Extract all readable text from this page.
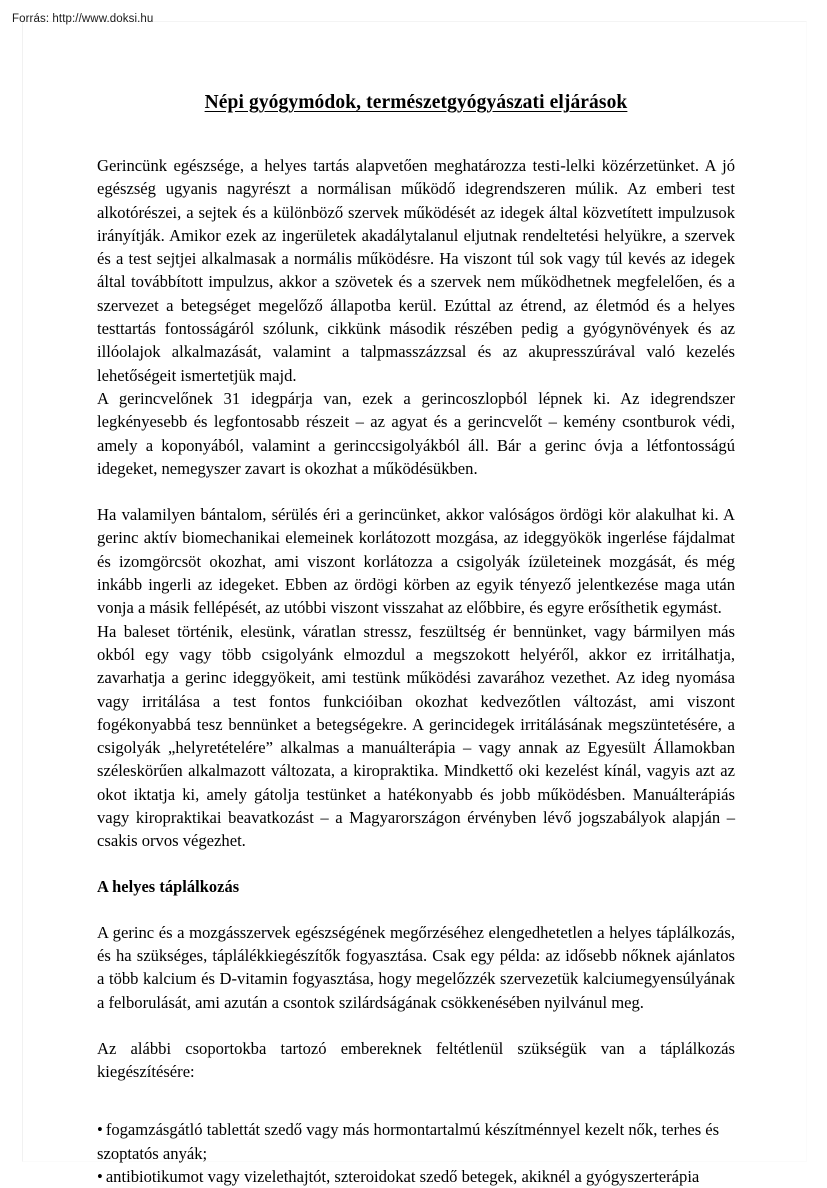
Forrás: http://www.doksi.hu
Népi gyógymódok, természetgyógyászati eljárások

Gerincünk egészsége, a helyes tartás alapvetően meghatározza testi-lelki közérzetünket. A jó egészség ugyanis nagyrészt a normálisan működő idegrendszeren múlik. Az emberi test alkotórészei, a sejtek és a különböző szervek működését az idegek által közvetített impulzusok irányítják. Amikor ezek az ingerületek akadálytalanul eljutnak rendeltetési helyükre, a szervek és a test sejtjei alkalmasak a normális működésre. Ha viszont túl sok vagy túl kevés az idegek által továbbított impulzus, akkor a szövetek és a szervek nem működhetnek megfelelően, és a szervezet a betegséget megelőző állapotba kerül. Ezúttal az étrend, az életmód és a helyes testtartás fontosságáról szólunk, cikkünk második részében pedig a gyógynövények és az illóolajok alkalmazását, valamint a talpmasszázzsal és az akupresszúrával való kezelés lehetőségeit ismertetjük majd.

A gerincvelőnek 31 idegpárja van, ezek a gerincoszlopból lépnek ki. Az idegrendszer legkényesebb és legfontosabb részeit – az agyat és a gerincvelőt – kemény csontburok védi, amely a koponyából, valamint a gerinccsigolyákból áll. Bár a gerinc óvja a létfontosságú idegeket, nemegyszer zavart is okozhat a működésükben.

Ha valamilyen bántalom, sérülés éri a gerincünket, akkor valóságos ördögi kör alakulhat ki. A gerinc aktív biomechanikai elemeinek korlátozott mozgása, az ideggyökök ingerlése fájdalmat és izomgörcsöt okozhat, ami viszont korlátozza a csigolyák ízületeinek mozgását, és még inkább ingerli az idegeket. Ebben az ördögi körben az egyik tényező jelentkezése maga után vonja a másik fellépését, az utóbbi viszont visszahat az előbbire, és egyre erősíthetik egymást.

Ha baleset történik, elesünk, váratlan stressz, feszültség ér bennünket, vagy bármilyen más okból egy vagy több csigolyánk elmozdul a megszokott helyéről, akkor ez irritálhatja, zavarhatja a gerinc ideggyökeit, ami testünk működési zavarához vezethet. Az ideg nyomása vagy irritálása a test fontos funkcióiban okozhat kedvezőtlen változást, ami viszont fogékonyabbá tesz bennünket a betegségekre. A gerincidegek irritálásának megszüntetésére, a csigolyák „helyretételére” alkalmas a manuálterápia – vagy annak az Egyesült Államokban széleskörűen alkalmazott változata, a kiropraktika. Mindkettő oki kezelést kínál, vagyis azt az okot iktatja ki, amely gátolja testünket a hatékonyabb és jobb működésben. Manuálterápiás vagy kiropraktikai beavatkozást – a Magyarországon érvényben lévő jogszabályok alapján – csakis orvos végezhet.

A helyes táplálkozás

A gerinc és a mozgásszervek egészségének megőrzéséhez elengedhetetlen a helyes táplálkozás, és ha szükséges, táplálékkiegészítők fogyasztása. Csak egy példa: az idősebb nőknek ajánlatos a több kalcium és D-vitamin fogyasztása, hogy megelőzzék szervezetük kalciumegyensúlyának a felborulását, ami azután a csontok szilárdságának csökkenésében nyilvánul meg.

Az alábbi csoportokba tartozó embereknek feltétlenül szükségük van a táplálkozás kiegészítésére:

• fogamzásgátló tablettát szedő vagy más hormontartalmú készítménnyel kezelt nők, terhes és szoptatós anyák;
• antibiotikumot vagy vizelethajtót, szteroidokat szedő betegek, akiknél a gyógyszerterápia
